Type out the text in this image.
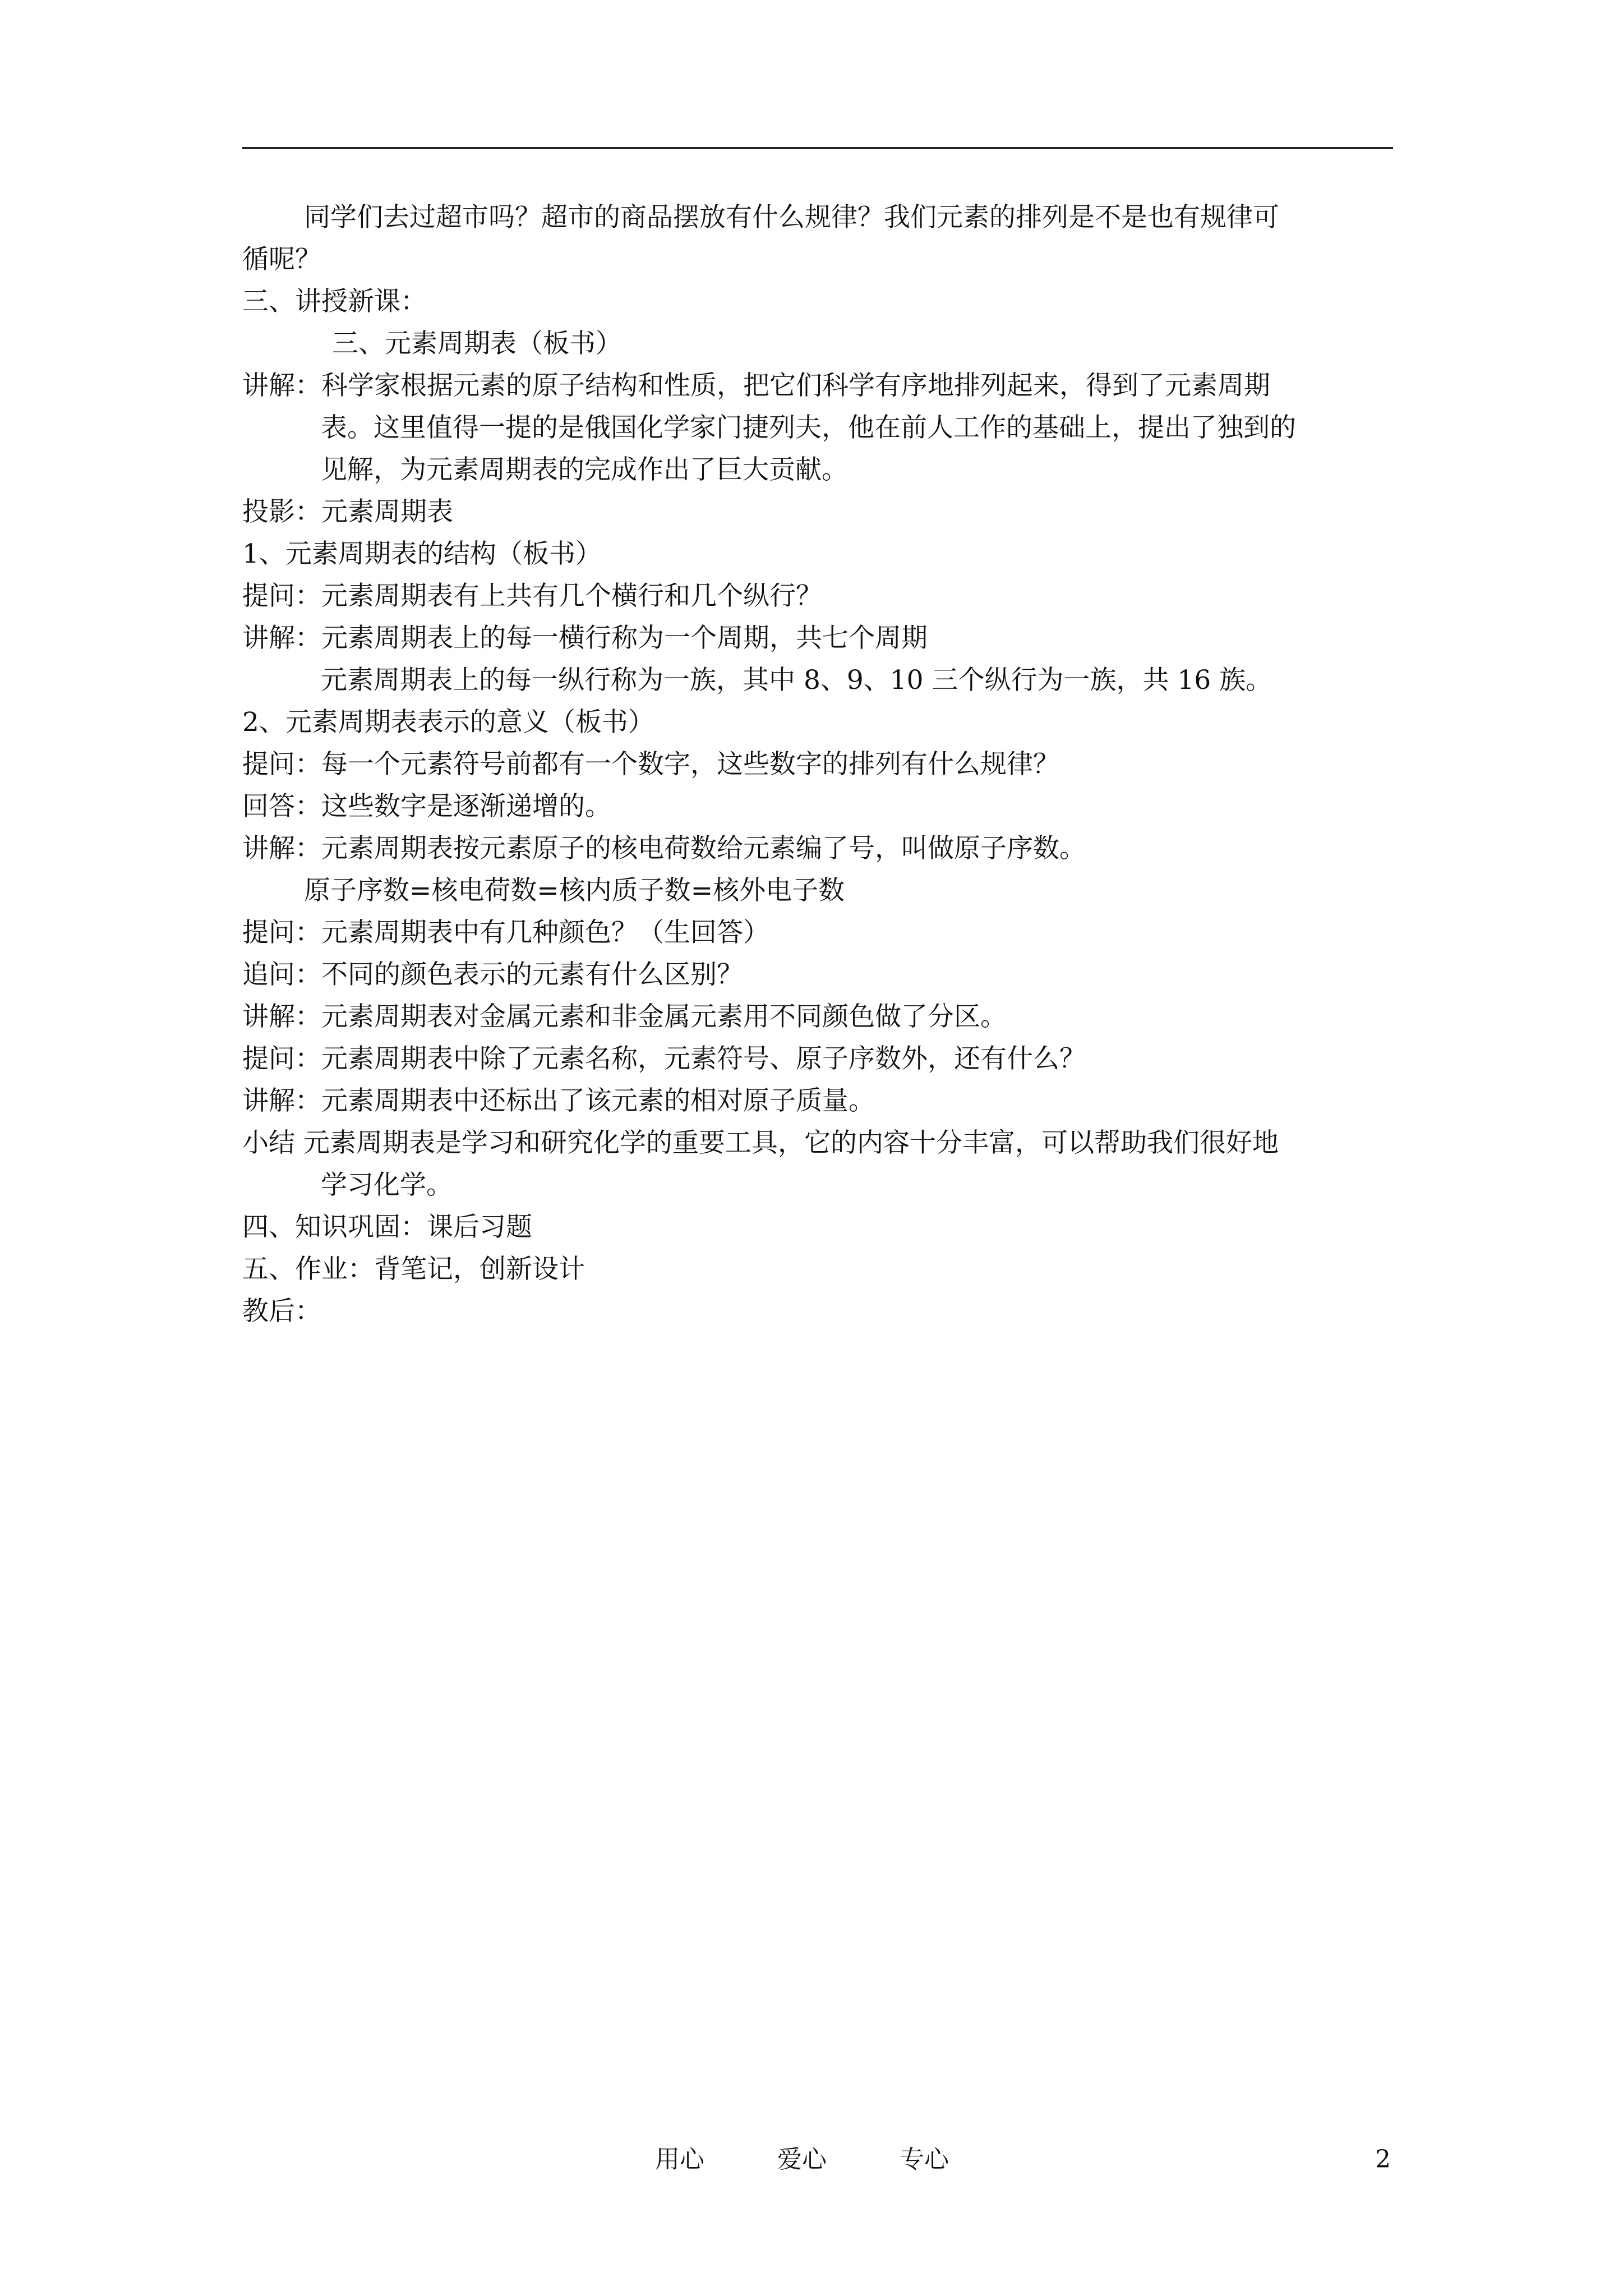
同学们去过超市吗？超市的商品摆放有什么规律？我们元素的排列是不是也有规律可
循呢？
三、讲授新课：
三、元素周期表（板书）
讲解：科学家根据元素的原子结构和性质，把它们科学有序地排列起来，得到了元素周期
表。这里值得一提的是俄国化学家门捷列夫，他在前人工作的基础上，提出了独到的
见解，为元素周期表的完成作出了巨大贡献。
投影：元素周期表
1、元素周期表的结构（板书）
提问：元素周期表有上共有几个横行和几个纵行？
讲解：元素周期表上的每一横行称为一个周期，共七个周期
元素周期表上的每一纵行称为一族，其中 8、9、10 三个纵行为一族，共 16 族。
2、元素周期表表示的意义（板书）
提问：每一个元素符号前都有一个数字，这些数字的排列有什么规律？
回答：这些数字是逐渐递增的。
讲解：元素周期表按元素原子的核电荷数给元素编了号，叫做原子序数。
原子序数=核电荷数=核内质子数=核外电子数
提问：元素周期表中有几种颜色？（生回答）
追问：不同的颜色表示的元素有什么区别？
讲解：元素周期表对金属元素和非金属元素用不同颜色做了分区。
提问：元素周期表中除了元素名称，元素符号、原子序数外，还有什么？
讲解：元素周期表中还标出了该元素的相对原子质量。
小结 元素周期表是学习和研究化学的重要工具，它的内容十分丰富，可以帮助我们很好地
学习化学。
四、知识巩固：课后习题
五、作业：背笔记，创新设计
教后：
用心	爱心	专心	2
